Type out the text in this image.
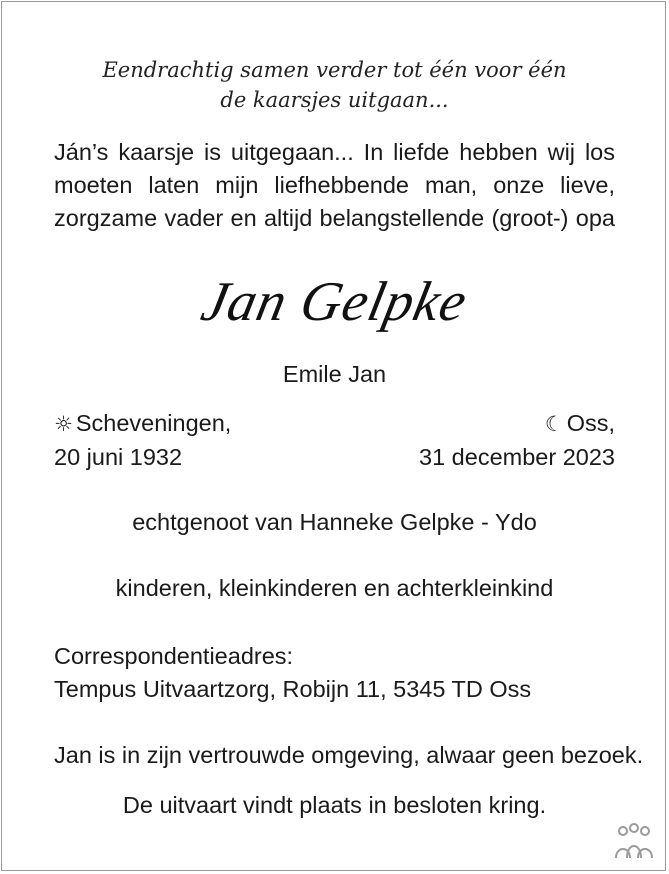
Eendrachtig samen verder tot één voor één
de kaarsjes uitgaan...
Ján’s kaarsje is uitgegaan... In liefde hebben wij los
moeten laten mijn liefhebbende man, onze lieve,
zorgzame vader en altijd belangstellende (groot-) opa
Jan Gelpke
Emile Jan
☼ Scheveningen,
20 juni 1932
☾ Oss,
31 december 2023
echtgenoot van Hanneke Gelpke - Ydo
kinderen, kleinkinderen en achterkleinkind
Correspondentieadres:
Tempus Uitvaartzorg, Robijn 11, 5345 TD Oss
Jan is in zijn vertrouwde omgeving, alwaar geen bezoek.
De uitvaart vindt plaats in besloten kring.
